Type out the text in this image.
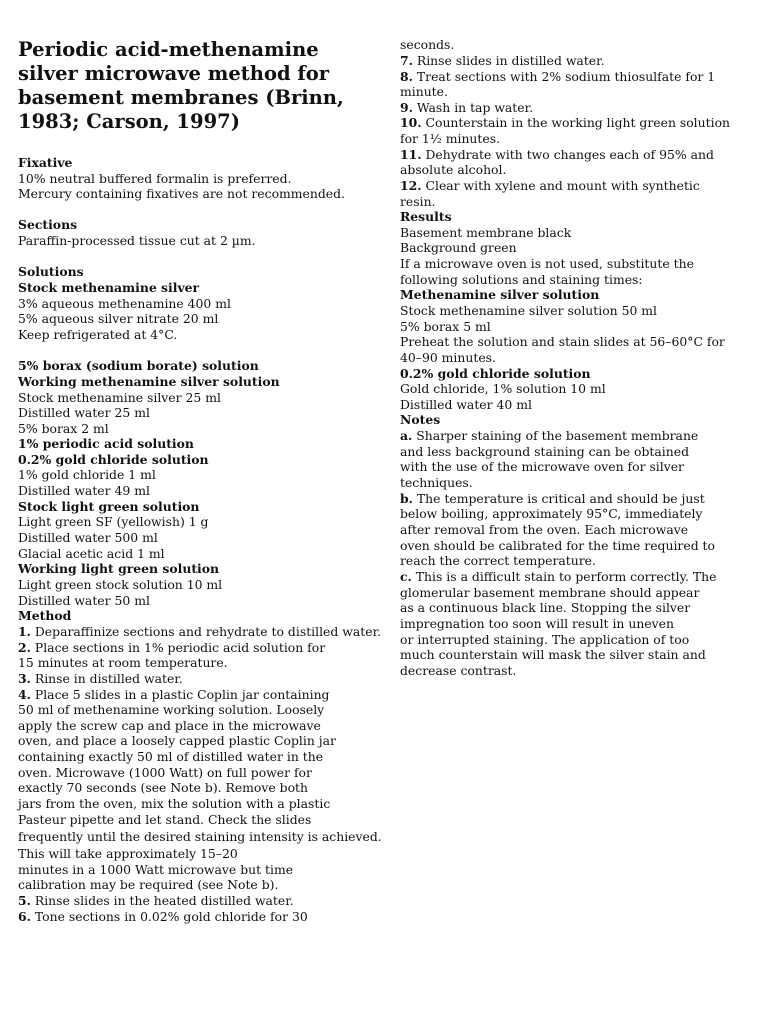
Periodic acid-methenamine silver microwave method for basement membranes (Brinn, 1983; Carson, 1997)
Fixative
10% neutral buffered formalin is preferred.
Mercury containing fixatives are not recommended.
Sections
Paraffin-processed tissue cut at 2 µm.
Solutions
Stock methenamine silver
3% aqueous methenamine 400 ml
5% aqueous silver nitrate 20 ml
Keep refrigerated at 4°C.
5% borax (sodium borate) solution
Working methenamine silver solution
Stock methenamine silver 25 ml
Distilled water 25 ml
5% borax 2 ml
1% periodic acid solution
0.2% gold chloride solution
1% gold chloride 1 ml
Distilled water 49 ml
Stock light green solution
Light green SF (yellowish) 1 g
Distilled water 500 ml
Glacial acetic acid 1 ml
Working light green solution
Light green stock solution 10 ml
Distilled water 50 ml
Method
1. Deparaffinize sections and rehydrate to distilled water.
2. Place sections in 1% periodic acid solution for
15 minutes at room temperature.
3. Rinse in distilled water.
4. Place 5 slides in a plastic Coplin jar containing
50 ml of methenamine working solution. Loosely
apply the screw cap and place in the microwave
oven, and place a loosely capped plastic Coplin jar
containing exactly 50 ml of distilled water in the
oven. Microwave (1000 Watt) on full power for
exactly 70 seconds (see Note b). Remove both
jars from the oven, mix the solution with a plastic
Pasteur pipette and let stand. Check the slides
frequently until the desired staining intensity is achieved.
This will take approximately 15–20
minutes in a 1000 Watt microwave but time
calibration may be required (see Note b).
5. Rinse slides in the heated distilled water.
6. Tone sections in 0.02% gold chloride for 30
seconds.
7. Rinse slides in distilled water.
8. Treat sections with 2% sodium thiosulfate for 1
minute.
9. Wash in tap water.
10. Counterstain in the working light green solution
for 1½ minutes.
11. Dehydrate with two changes each of 95% and
absolute alcohol.
12. Clear with xylene and mount with synthetic
resin.
Results
Basement membrane black
Background green
If a microwave oven is not used, substitute the
following solutions and staining times:
Methenamine silver solution
Stock methenamine silver solution 50 ml
5% borax 5 ml
Preheat the solution and stain slides at 56–60°C for
40–90 minutes.
0.2% gold chloride solution
Gold chloride, 1% solution 10 ml
Distilled water 40 ml
Notes
a. Sharper staining of the basement membrane
and less background staining can be obtained
with the use of the microwave oven for silver
techniques.
b. The temperature is critical and should be just
below boiling, approximately 95°C, immediately
after removal from the oven. Each microwave
oven should be calibrated for the time required to
reach the correct temperature.
c. This is a difficult stain to perform correctly. The
glomerular basement membrane should appear
as a continuous black line. Stopping the silver
impregnation too soon will result in uneven
or interrupted staining. The application of too
much counterstain will mask the silver stain and
decrease contrast.
